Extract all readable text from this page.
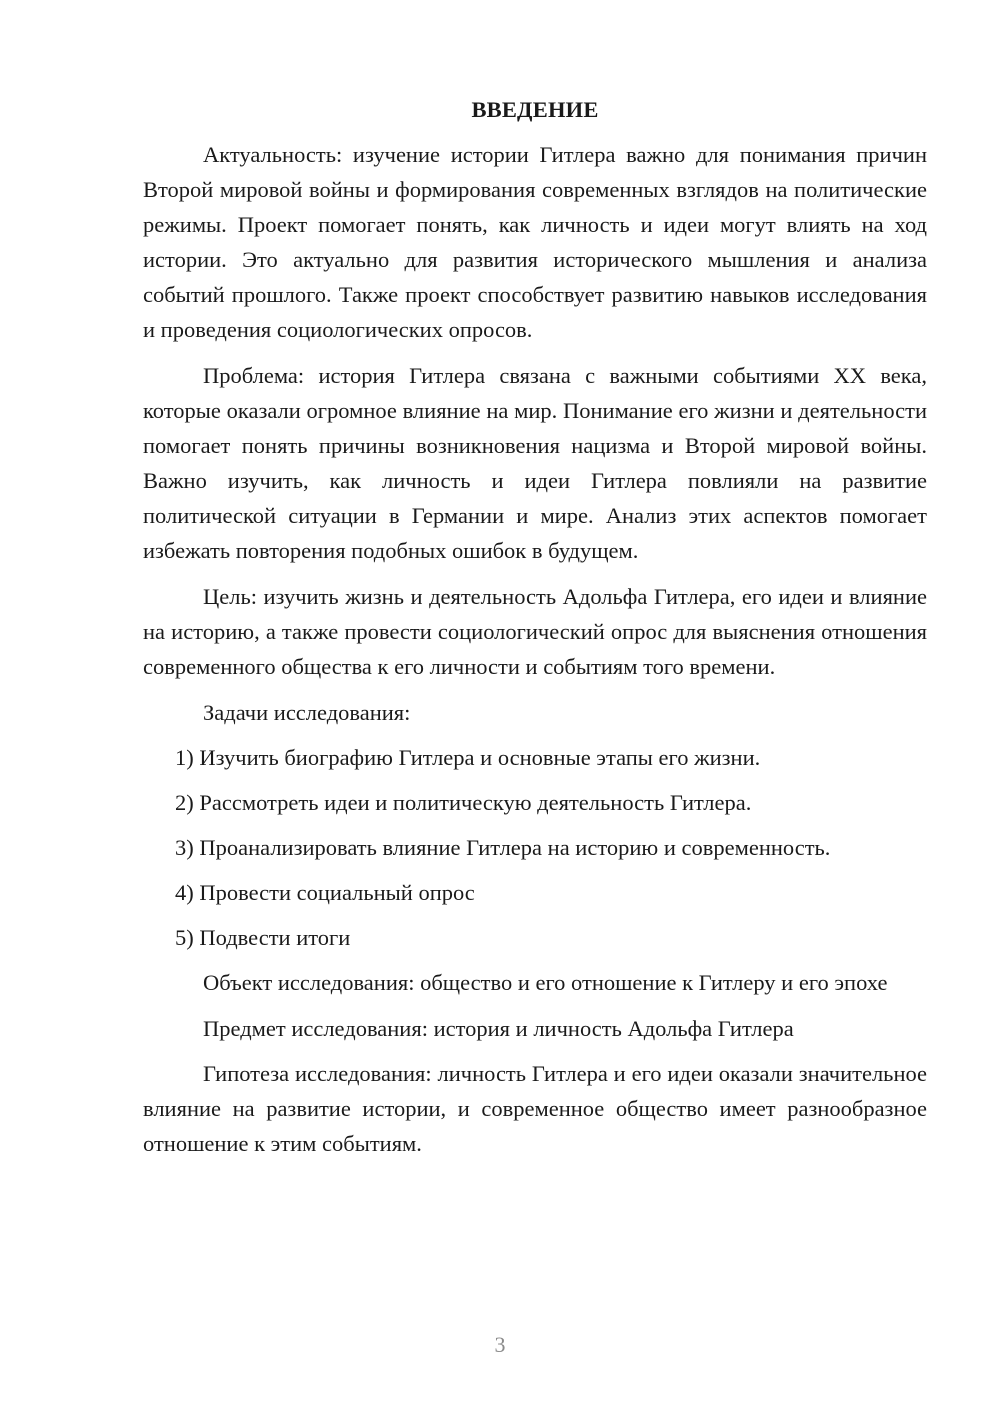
ВВЕДЕНИЕ

Актуальность: изучение истории Гитлера важно для понимания причин Второй мировой войны и формирования современных взглядов на политические режимы. Проект помогает понять, как личность и идеи могут влиять на ход истории. Это актуально для развития исторического мышления и анализа событий прошлого. Также проект способствует развитию навыков исследования и проведения социологических опросов.

Проблема: история Гитлера связана с важными событиями XX века, которые оказали огромное влияние на мир. Понимание его жизни и деятельности помогает понять причины возникновения нацизма и Второй мировой войны. Важно изучить, как личность и идеи Гитлера повлияли на развитие политической ситуации в Германии и мире. Анализ этих аспектов помогает избежать повторения подобных ошибок в будущем.

Цель: изучить жизнь и деятельность Адольфа Гитлера, его идеи и влияние на историю, а также провести социологический опрос для выяснения отношения современного общества к его личности и событиям того времени.

Задачи исследования:

1) Изучить биографию Гитлера и основные этапы его жизни.

2) Рассмотреть идеи и политическую деятельность Гитлера.

3) Проанализировать влияние Гитлера на историю и современность.

4) Провести социальный опрос

5) Подвести итоги

Объект исследования: общество и его отношение к Гитлеру и его эпохе

Предмет исследования: история и личность Адольфа Гитлера

Гипотеза исследования: личность Гитлера и его идеи оказали значительное влияние на развитие истории, и современное общество имеет разнообразное отношение к этим событиям.

3
